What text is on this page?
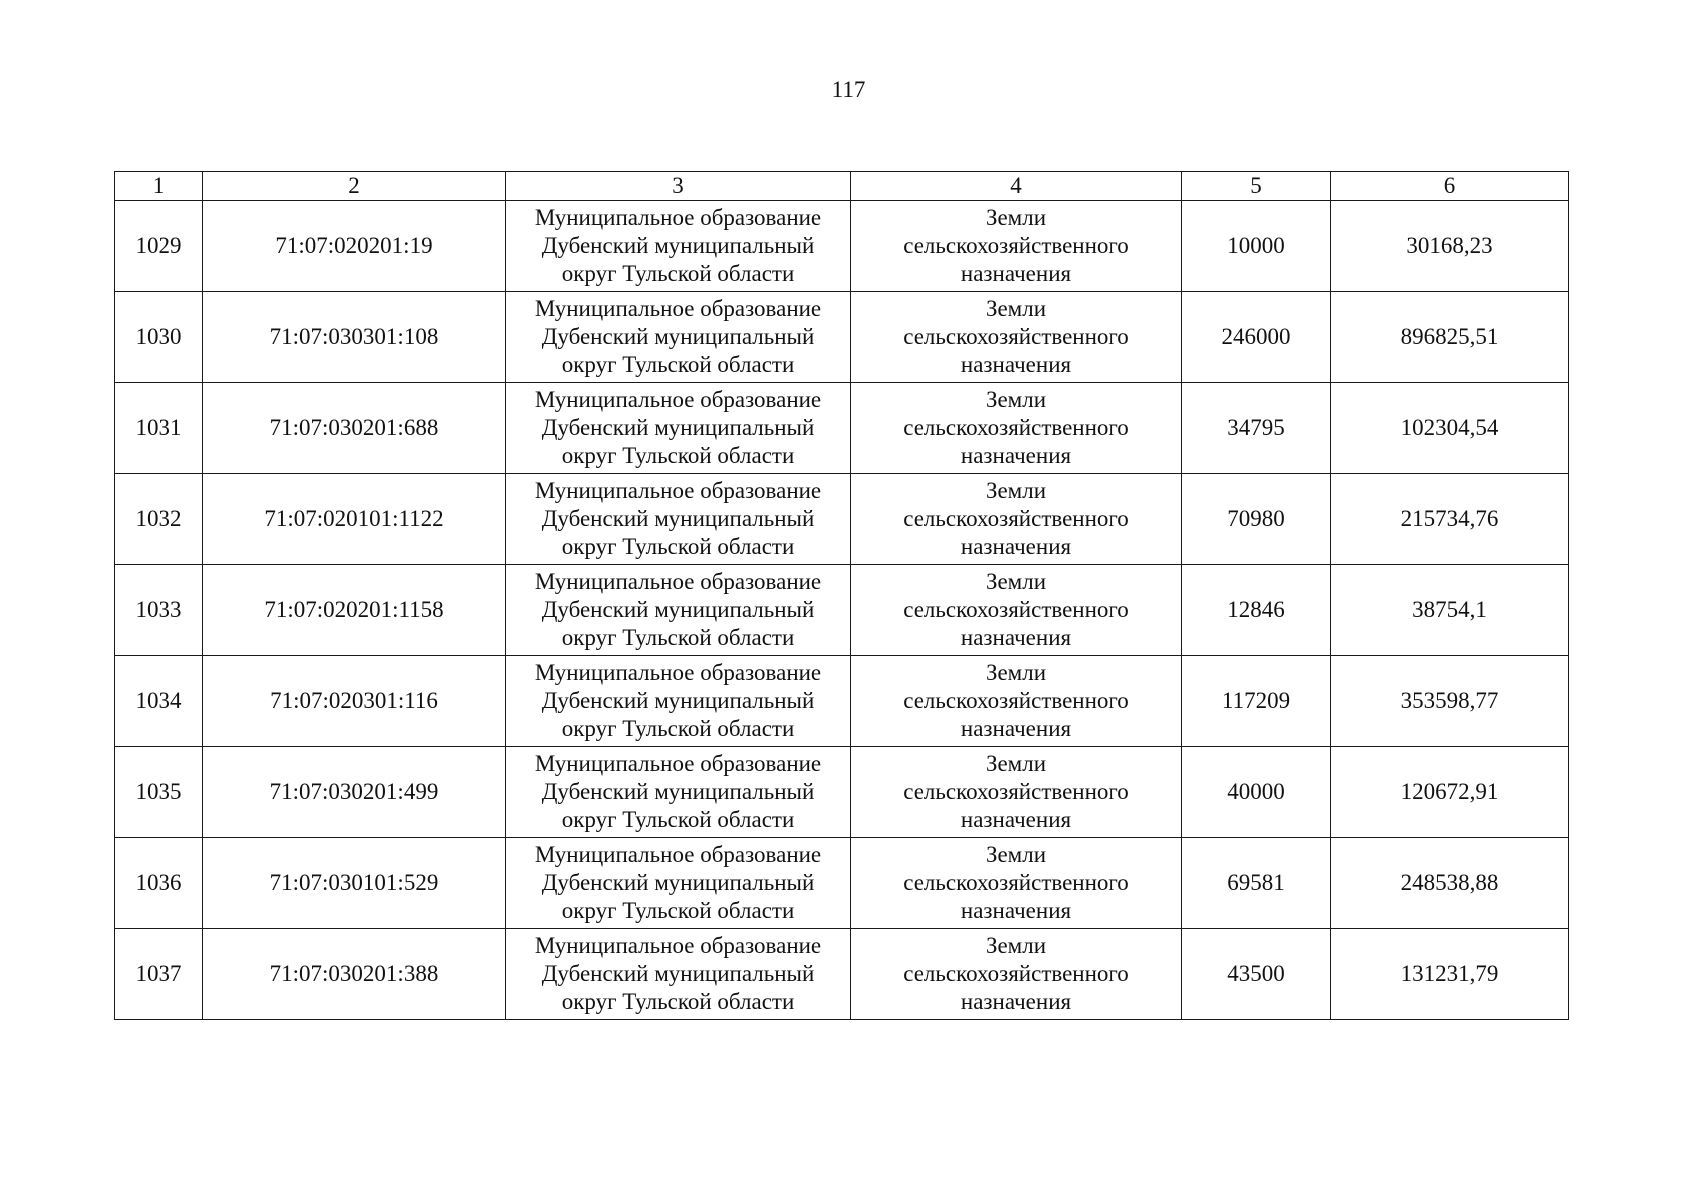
117
1	2	3	4	5	6
1029	71:07:020201:19	Муниципальное образование
Дубенский муниципальный
округ Тульской области	Земли
сельскохозяйственного
назначения	10000	30168,23
1030	71:07:030301:108	Муниципальное образование
Дубенский муниципальный
округ Тульской области	Земли
сельскохозяйственного
назначения	246000	896825,51
1031	71:07:030201:688	Муниципальное образование
Дубенский муниципальный
округ Тульской области	Земли
сельскохозяйственного
назначения	34795	102304,54
1032	71:07:020101:1122	Муниципальное образование
Дубенский муниципальный
округ Тульской области	Земли
сельскохозяйственного
назначения	70980	215734,76
1033	71:07:020201:1158	Муниципальное образование
Дубенский муниципальный
округ Тульской области	Земли
сельскохозяйственного
назначения	12846	38754,1
1034	71:07:020301:116	Муниципальное образование
Дубенский муниципальный
округ Тульской области	Земли
сельскохозяйственного
назначения	117209	353598,77
1035	71:07:030201:499	Муниципальное образование
Дубенский муниципальный
округ Тульской области	Земли
сельскохозяйственного
назначения	40000	120672,91
1036	71:07:030101:529	Муниципальное образование
Дубенский муниципальный
округ Тульской области	Земли
сельскохозяйственного
назначения	69581	248538,88
1037	71:07:030201:388	Муниципальное образование
Дубенский муниципальный
округ Тульской области	Земли
сельскохозяйственного
назначения	43500	131231,79
